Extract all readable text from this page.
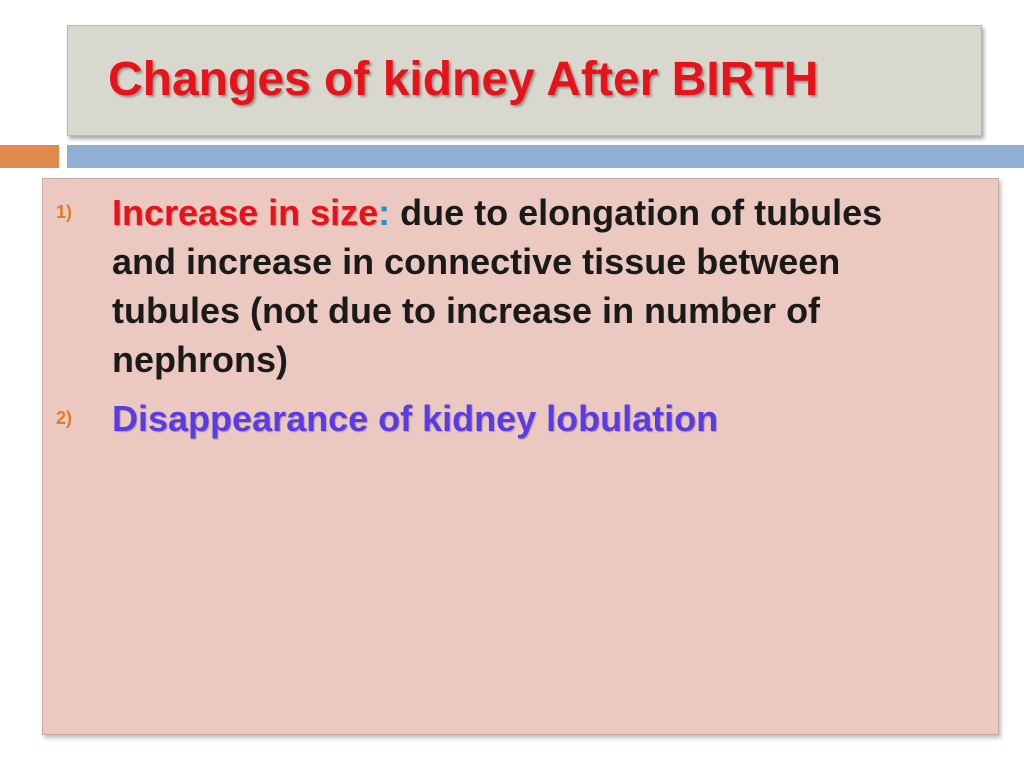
Changes of kidney After BIRTH
1) Increase in size: due to elongation of tubules and increase in connective tissue between tubules (not due to increase in number of nephrons)
2) Disappearance of kidney lobulation
